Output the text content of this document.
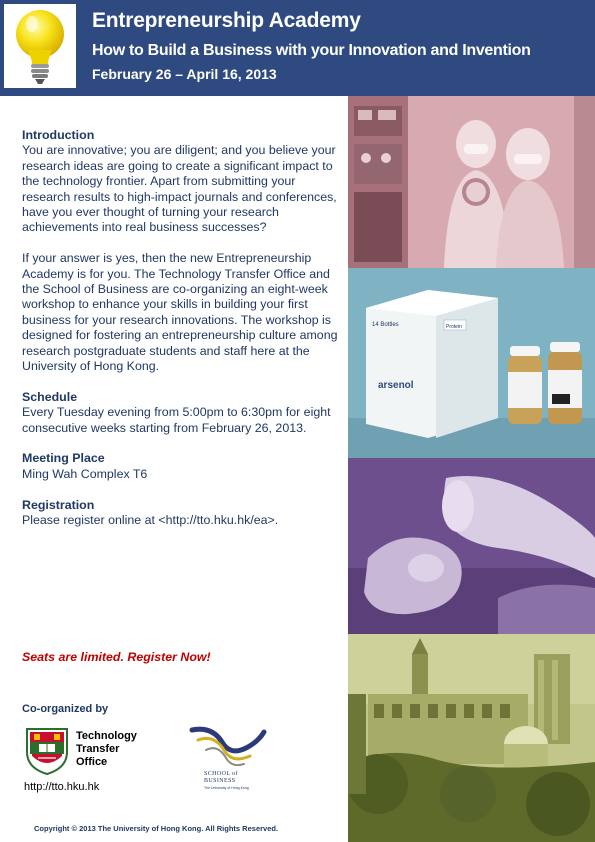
Entrepreneurship Academy
How to Build a Business with your Innovation and Invention
February 26 – April 16, 2013
Introduction

You are innovative; you are diligent; and you believe your research ideas are going to create a significant impact to the technology frontier. Apart from submitting your research results to high-impact journals and conferences, have you ever thought of turning your research achievements into real business successes?

If your answer is yes, then the new Entrepreneurship Academy is for you. The Technology Transfer Office and the School of Business are co-organizing an eight-week workshop to enhance your skills in building your first business for your research innovations. The workshop is designed for fostering an entrepreneurship culture among research postgraduate students and staff here at the University of Hong Kong.

Schedule

Every Tuesday evening from 5:00pm to 6:30pm for eight consecutive weeks starting from February 26, 2013.

Meeting Place

Ming Wah Complex T6

Registration

Please register online at <http://tto.hku.hk/ea>.

Seats are limited. Register Now!
Co-organized by
Technology
Transfer
Office
http://tto.hku.hk
SCHOOL of
BUSINESS
The University of Hong Kong
Copyright © 2013 The University of Hong Kong. All Rights Reserved.
14 Bottles	Protein
arsenol
